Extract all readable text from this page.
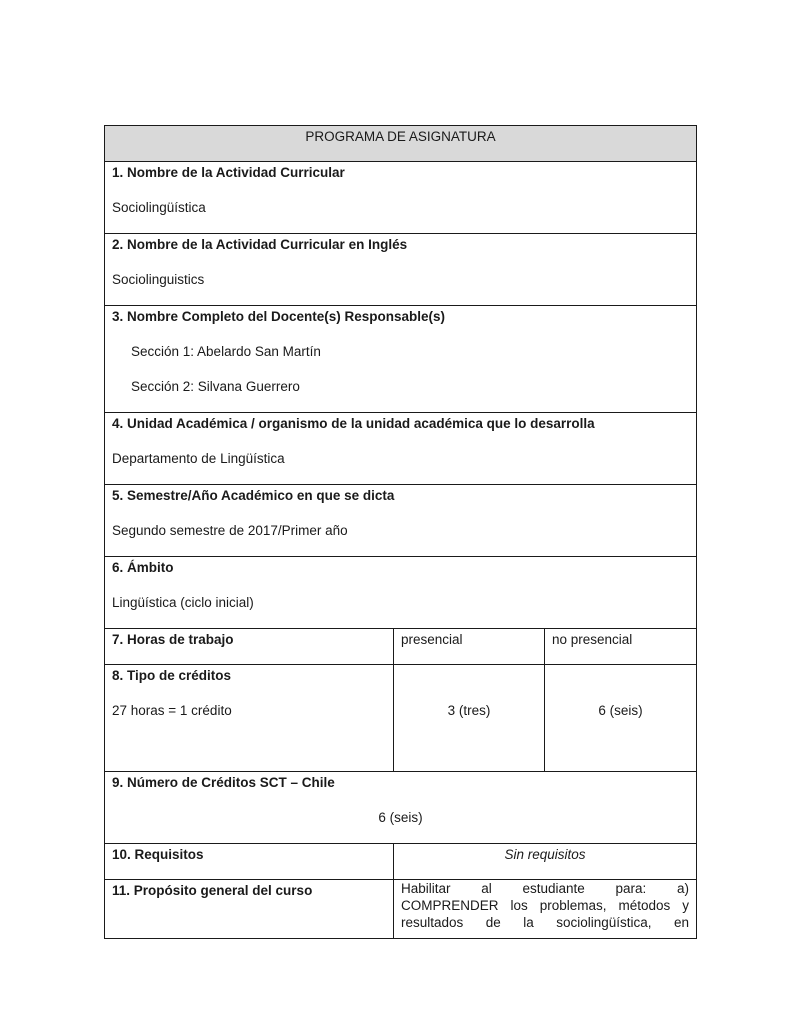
PROGRAMA DE ASIGNATURA		

1. Nombre de la Actividad Curricular
Sociolingüística		

2. Nombre de la Actividad Curricular en Inglés
Sociolinguistics		

3. Nombre Completo del Docente(s) Responsable(s)
Sección 1: Abelardo San Martín
Sección 2: Silvana Guerrero		

4. Unidad Académica / organismo de la unidad académica que lo desarrolla
Departamento de Lingüística		

5. Semestre/Año Académico en que se dicta
Segundo semestre de 2017/Primer año		

6. Ámbito
Lingüística (ciclo inicial)		

7. Horas de trabajo	presencial	no presencial

8. Tipo de créditos
27 horas = 1 crédito	3 (tres)	6 (seis)

9. Número de Créditos SCT – Chile
6 (seis)		

10. Requisitos	Sin requisitos	

11. Propósito general del curso	Habilitar al estudiante para: a)
COMPRENDER los problemas, métodos y
resultados de la sociolingüística, en	
